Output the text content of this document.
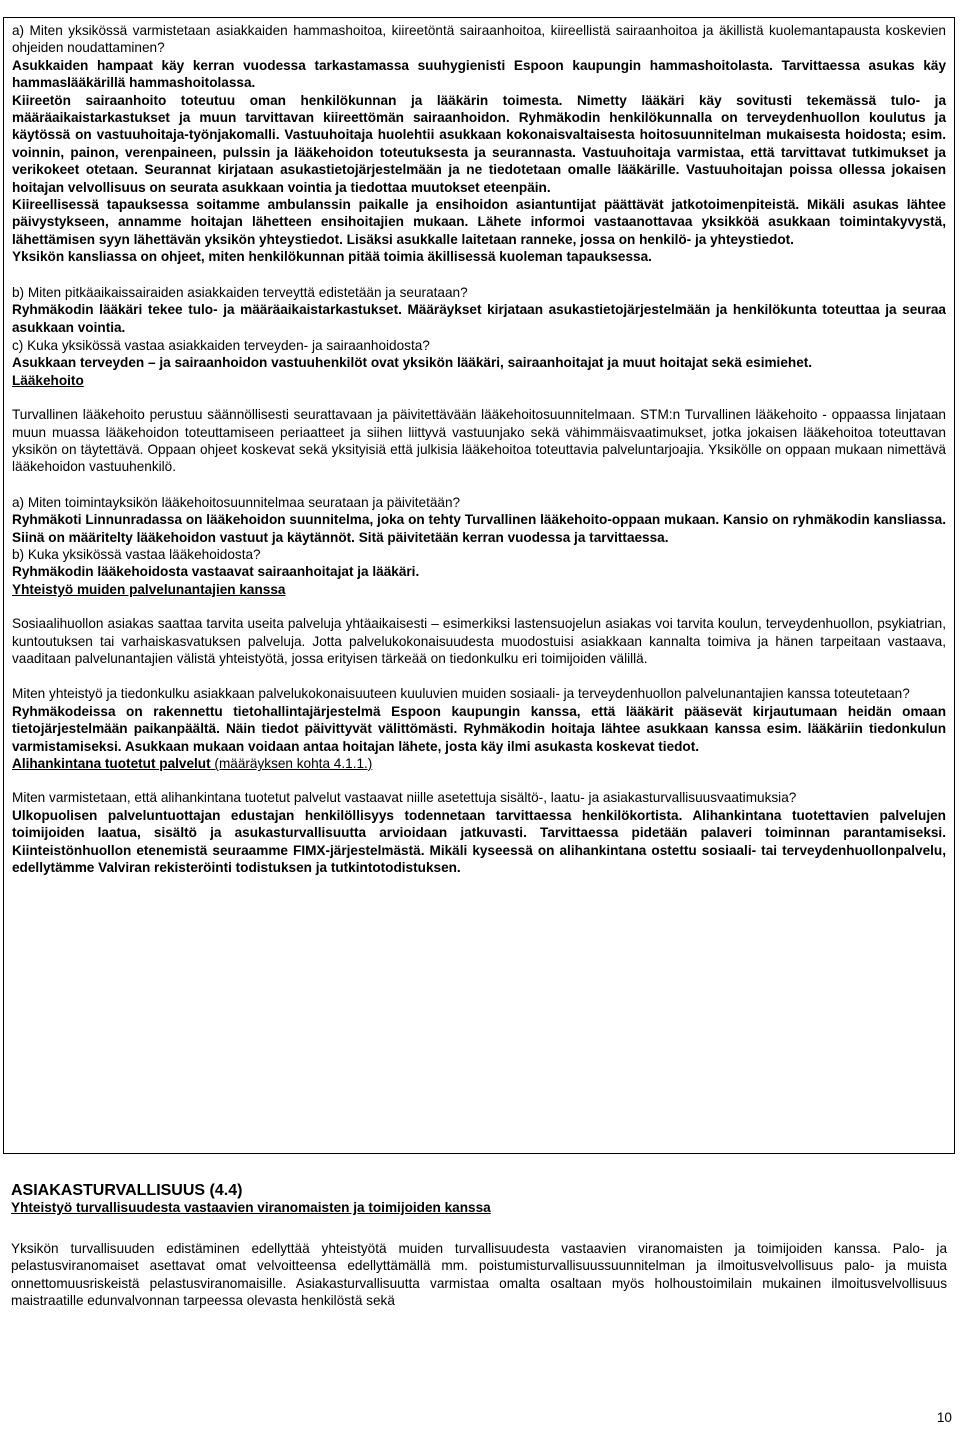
a) Miten yksikössä varmistetaan asiakkaiden hammashoitoa, kiireetöntä sairaanhoitoa, kiireellistä sairaanhoitoa ja äkillistä kuolemantapausta koskevien ohjeiden noudattaminen?

Asukkaiden hampaat käy kerran vuodessa tarkastamassa suuhygienisti Espoon kaupungin hammashoitolasta. Tarvittaessa asukas käy hammaslääkärillä hammashoitolassa.

Kiireetön sairaanhoito toteutuu oman henkilökunnan ja lääkärin toimesta. Nimetty lääkäri käy sovitusti tekemässä tulo- ja määräaikaistarkastukset ja muun tarvittavan kiireettömän sairaanhoidon. Ryhmäkodin henkilökunnalla on terveydenhuollon koulutus ja käytössä on vastuuhoitaja-työnjakomalli. Vastuuhoitaja huolehtii asukkaan kokonaisvaltaisesta hoitosuunnitelman mukaisesta hoidosta; esim. voinnin, painon, verenpaineen, pulssin ja lääkehoidon toteutuksesta ja seurannasta. Vastuuhoitaja varmistaa, että tarvittavat tutkimukset ja verikokeet otetaan. Seurannat kirjataan asukastietojärjestelmään ja ne tiedotetaan omalle lääkärille. Vastuuhoitajan poissa ollessa jokaisen hoitajan velvollisuus on seurata asukkaan vointia ja tiedottaa muutokset eteenpäin.

Kiireellisessä tapauksessa soitamme ambulanssin paikalle ja ensihoidon asiantuntijat päättävät jatkotoimenpiteistä. Mikäli asukas lähtee päivystykseen, annamme hoitajan lähetteen ensihoitajien mukaan. Lähete informoi vastaanottavaa yksikköä asukkaan toimintakyvystä, lähettämisen syyn lähettävän yksikön yhteystiedot. Lisäksi asukkalle laitetaan ranneke, jossa on henkilö- ja yhteystiedot.

Yksikön kansliassa on ohjeet, miten henkilökunnan pitää toimia äkillisessä kuoleman tapauksessa.

b) Miten pitkäaikaissairaiden asiakkaiden terveyttä edistetään ja seurataan?

Ryhmäkodin lääkäri tekee tulo- ja määräaikaistarkastukset. Määräykset kirjataan asukastietojärjestelmään ja henkilökunta toteuttaa ja seuraa asukkaan vointia.

c) Kuka yksikössä vastaa asiakkaiden terveyden- ja sairaanhoidosta?

Asukkaan terveyden – ja sairaanhoidon vastuuhenkilöt ovat yksikön lääkäri, sairaanhoitajat ja muut hoitajat sekä esimiehet.

Lääkehoito

Turvallinen lääkehoito perustuu säännöllisesti seurattavaan ja päivitettävään lääkehoitosuunnitelmaan. STM:n Turvallinen lääkehoito - oppaassa linjataan muun muassa lääkehoidon toteuttamiseen periaatteet ja siihen liittyvä vastuunjako sekä vähimmäisvaatimukset, jotka jokaisen lääkehoitoa toteuttavan yksikön on täytettävä. Oppaan ohjeet koskevat sekä yksityisiä että julkisia lääkehoitoa toteuttavia palveluntarjoajia. Yksikölle on oppaan mukaan nimettävä lääkehoidon vastuuhenkilö.

a) Miten toimintayksikön lääkehoitosuunnitelmaa seurataan ja päivitetään?

Ryhmäkoti Linnunradassa on lääkehoidon suunnitelma, joka on tehty Turvallinen lääkehoito-oppaan mukaan. Kansio on ryhmäkodin kansliassa. Siinä on määritelty lääkehoidon vastuut ja käytännöt. Sitä päivitetään kerran vuodessa ja tarvittaessa.

b) Kuka yksikössä vastaa lääkehoidosta?

Ryhmäkodin lääkehoidosta vastaavat sairaanhoitajat ja lääkäri.

Yhteistyö muiden palvelunantajien kanssa

Sosiaalihuollon asiakas saattaa tarvita useita palveluja yhtäaikaisesti – esimerkiksi lastensuojelun asiakas voi tarvita koulun, terveydenhuollon, psykiatrian, kuntoutuksen tai varhaiskasvatuksen palveluja. Jotta palvelukokonaisuudesta muodostuisi asiakkaan kannalta toimiva ja hänen tarpeitaan vastaava, vaaditaan palvelunantajien välistä yhteistyötä, jossa erityisen tärkeää on tiedonkulku eri toimijoiden välillä.

Miten yhteistyö ja tiedonkulku asiakkaan palvelukokonaisuuteen kuuluvien muiden sosiaali- ja terveydenhuollon palvelunantajien kanssa toteutetaan?

Ryhmäkodeissa on rakennettu tietohallintajärjestelmä Espoon kaupungin kanssa, että lääkärit pääsevät kirjautumaan heidän omaan tietojärjestelmään paikanpäältä. Näin tiedot päivittyvät välittömästi. Ryhmäkodin hoitaja lähtee asukkaan kanssa esim. lääkäriin tiedonkulun varmistamiseksi. Asukkaan mukaan voidaan antaa hoitajan lähete, josta käy ilmi asukasta koskevat tiedot.

Alihankintana tuotetut palvelut (määräyksen kohta 4.1.1.)

Miten varmistetaan, että alihankintana tuotetut palvelut vastaavat niille asetettuja sisältö-, laatu- ja asiakasturvallisuusvaatimuksia?

Ulkopuolisen palveluntuottajan edustajan henkilöllisyys todennetaan tarvittaessa henkilökortista. Alihankintana tuotettavien palvelujen toimijoiden laatua, sisältö ja asukasturvallisuutta arvioidaan jatkuvasti. Tarvittaessa pidetään palaveri toiminnan parantamiseksi. Kiinteistönhuollon etenemistä seuraamme FIMX-järjestelmästä. Mikäli kyseessä on alihankintana ostettu sosiaali- tai terveydenhuollonpalvelu, edellytämme Valviran rekisteröinti todistuksen ja tutkintotodistuksen.

ASIAKASTURVALLISUUS (4.4)
Yhteistyö turvallisuudesta vastaavien viranomaisten ja toimijoiden kanssa
Yksikön turvallisuuden edistäminen edellyttää yhteistyötä muiden turvallisuudesta vastaavien viranomaisten ja toimijoiden kanssa. Palo- ja pelastusviranomaiset asettavat omat velvoitteensa edellyttämällä mm. poistumisturvallisuussuunnitelman ja ilmoitusvelvollisuus palo- ja muista onnettomuusriskeistä pelastusviranomaisille. Asiakasturvallisuutta varmistaa omalta osaltaan myös holhoustoimilain mukainen ilmoitusvelvollisuus maistraatille edunvalvonnan tarpeessa olevasta henkilöstä sekä
10
